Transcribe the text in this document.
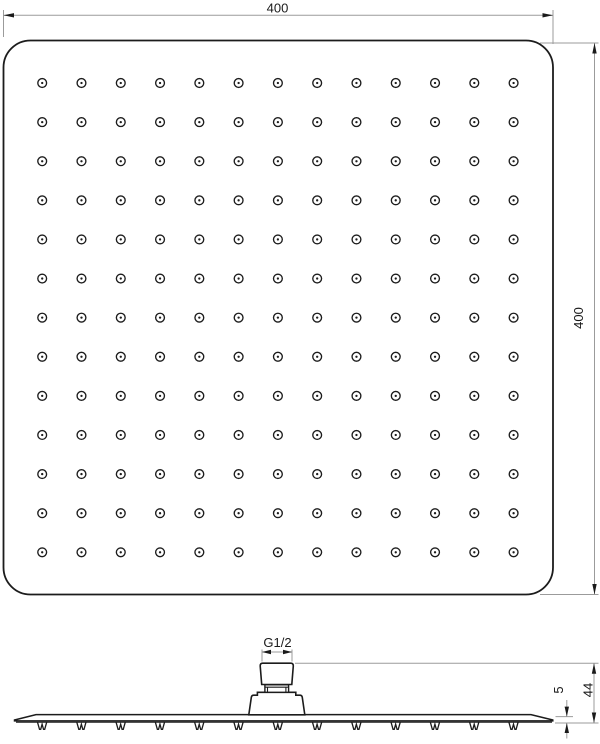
400
400
G1/2
5 44
